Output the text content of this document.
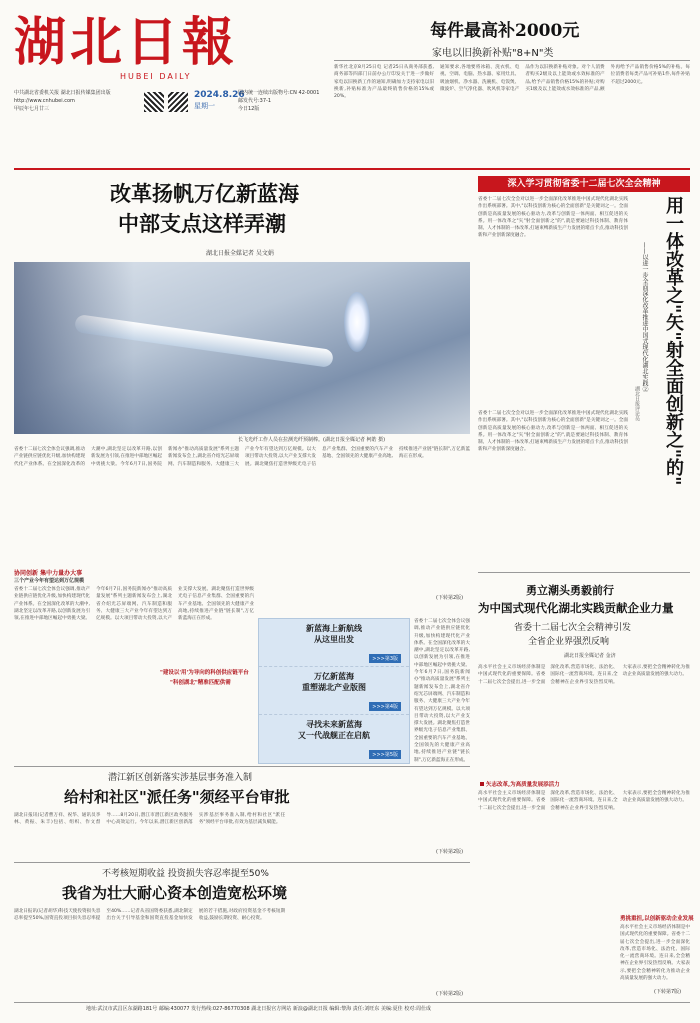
湖北日報
HUBEI DAILY
中共湖北省委机关报 湖北日报传媒集团出版
http://www.cnhubei.com
2024.8.26
星期一
甲辰年七月廿三
国内统一连续出版物号:CN 42-0001
邮发代号:37-1
今日12版
每件最高补2000元
家电以旧换新补贴"8+N"类
新华社北京8月25日电 记者25日从商务部获悉,商务部等四部门日前办公厅印发关于进一步做好家电以旧换新工作的通知,明确加力支持家电以旧换新,补贴标准为产品最终销售价格的15%或20%。
通知要求,各地要将冰箱、洗衣机、电视、空调、电脑、热水器、家用灶具、吸油烟机、净水器、洗碗机、电饭煲、微波炉、空气净化器、吹风机等家电产品作为以旧换新补贴对象。对个人消费者购买2级及以上能效或水效标准的产品,给予产品销售价格15%的补贴;对购买1级及以上能效或水效标准的产品,额外再给予产品销售价格5%的补贴。每位消费者每类产品可补贴1件,每件补贴不超过2000元。
改革扬帆万亿新蓝海
中部支点这样弄潮
湖北日报全媒记者 吴文娟
长飞光纤工作人员在拉测光纤预制棒。(湖北日报全媒记者 柯皓 摄)
省委十二届七次全体会议强调,推动产业链供应链优化升级,加快构建现代化产业体系。在全国深化改革的大潮中,湖北坚定以改革开路,以创新发展为引领,在推进中部地区崛起中勇挑大梁。今年6月7日,国务院新闻办"推动高质量发展"系列主题新闻发布会上,湖北省介绍光芯屏端网、汽车制造和服务、大健康三大产业今年有望达到万亿规模。以大项目带动大投资,以大产业支撑大发展。湖北聚焦打造世界级光电子信息产业集群、全国重要的汽车产业基地、全国领先的大健康产业高地,持续推进产业链"链长制",万亿新蓝海正在形成。
协同创新 集中力量办大事
三个产业今年有望达到万亿规模
省委十二届七次全体会议强调,推动产业链供应链优化升级,加快构建现代化产业体系。在全国深化改革的大潮中,湖北坚定以改革开路,以创新发展为引领,在推进中部地区崛起中勇挑大梁。今年6月7日,国务院新闻办"推动高质量发展"系列主题新闻发布会上,湖北省介绍光芯屏端网、汽车制造和服务、大健康三大产业今年有望达到万亿规模。以大项目带动大投资,以大产业支撑大发展。湖北聚焦打造世界级光电子信息产业集群、全国重要的汽车产业基地、全国领先的大健康产业高地,持续推进产业链"链长制",万亿新蓝海正在形成。
"建设以'用'为导向的科创供应链平台
"科创湖北"精准匹配供需
(下转第2版)
新蓝海上新航线
从这里出发
>>>第3版
万亿新蓝海
重塑湖北产业版图
>>>第4版
寻找未来新蓝海
又一代战舰正在启航
>>>第5版
省委十二届七次全体会议强调,推动产业链供应链优化升级,加快构建现代化产业体系。在全国深化改革的大潮中,湖北坚定以改革开路,以创新发展为引领,在推进中部地区崛起中勇挑大梁。今年6月7日,国务院新闻办"推动高质量发展"系列主题新闻发布会上,湖北省介绍光芯屏端网、汽车制造和服务、大健康三大产业今年有望达到万亿规模。以大项目带动大投资,以大产业支撑大发展。湖北聚焦打造世界级光电子信息产业集群、全国重要的汽车产业基地、全国领先的大健康产业高地,持续推进产业链"链长制",万亿新蓝海正在形成。
深入学习贯彻省委十二届七次全会精神
省委十二届七次全会对以进一步全面深化改革推进中国式现代化湖北实践作出系统部署。其中,"以科技创新为核心的全面创新"是关键词之一。全面创新是高质量发展的核心驱动力,改革与创新是一体两面、相互促进的关系。用一体改革之"矢"射全面创新之"的",就是要通过科技体制、教育体制、人才体制的一体改革,打通束缚新质生产力发展的堵点卡点,推动科技创新和产业创新深度融合。
省委十二届七次全会对以进一步全面深化改革推进中国式现代化湖北实践作出系统部署。其中,"以科技创新为核心的全面创新"是关键词之一。全面创新是高质量发展的核心驱动力,改革与创新是一体两面、相互促进的关系。用一体改革之"矢"射全面创新之"的",就是要通过科技体制、教育体制、人才体制的一体改革,打通束缚新质生产力发展的堵点卡点,推动科技创新和产业创新深度融合。	用一体改革之"矢"射全面创新之"的"
——以进一步全面深化改革推进中国式现代化湖北实践②
湖北日报评论员
勇立潮头勇毅前行
为中国式现代化湖北实践贡献企业力量
省委十二届七次全会精神引发
全省企业界强烈反响
湖北日报全媒记者 金济
高水平社会主义市场经济体制是中国式现代化的重要保障。省委十二届七次全会提出,进一步全面深化改革,营造市场化、法治化、国际化一流营商环境。连日来,全会精神在企业界引发热烈反响。大家表示,要把全会精神转化为推动企业高质量发展的强大动力。
矢志改革,为高质量发展添活力
高水平社会主义市场经济体制是中国式现代化的重要保障。省委十二届七次全会提出,进一步全面深化改革,营造市场化、法治化、国际化一流营商环境。连日来,全会精神在企业界引发热烈反响。大家表示,要把全会精神转化为推动企业高质量发展的强大动力。
勇挑重担,以创新驱动企业发展
高水平社会主义市场经济体制是中国式现代化的重要保障。省委十二届七次全会提出,进一步全面深化改革,营造市场化、法治化、国际化一流营商环境。连日来,全会精神在企业界引发热烈反响。大家表示,要把全会精神转化为推动企业高质量发展的强大动力。
(下转第7版)
潜江新区创新落实涉基层事务准入制
给村和社区"派任务"须经平台审批
湖北日报讯(记者曹万祥、祝华、通讯员李林、黄振、朱丰)包括、组织、作文督导……8月20日,潜江市潜江新区政务服务中心高效运行。今年以来,潜江新区创新落实涉基层事务准入制,给村和社区"派任务"须经平台审批,有效为基层减负赋能。
(下转第2版)
不考核短期收益 投资损失容忍率提至50%
我省为壮大耐心资本创造宽松环境
湖北日报讯(记者胡华)科技天使投资损失容忍率提至50%,国资直投项目损失容忍率提至40%……记者从省国资委获悉,湖北制定出台关于引导基金和国资直投基金加快发展的若干措施,对政府投资基金不考核短期收益,鼓励长期投资、耐心投资。
(下转第2版)
地址:武汉市武昌区东湖路181号 邮编:430077 发行热线:027-86770308 湖北日报官方网站 新浪@湖北日报 编辑:黎海 责任:刘旺东 美编:夏佳 校对:周仕成
